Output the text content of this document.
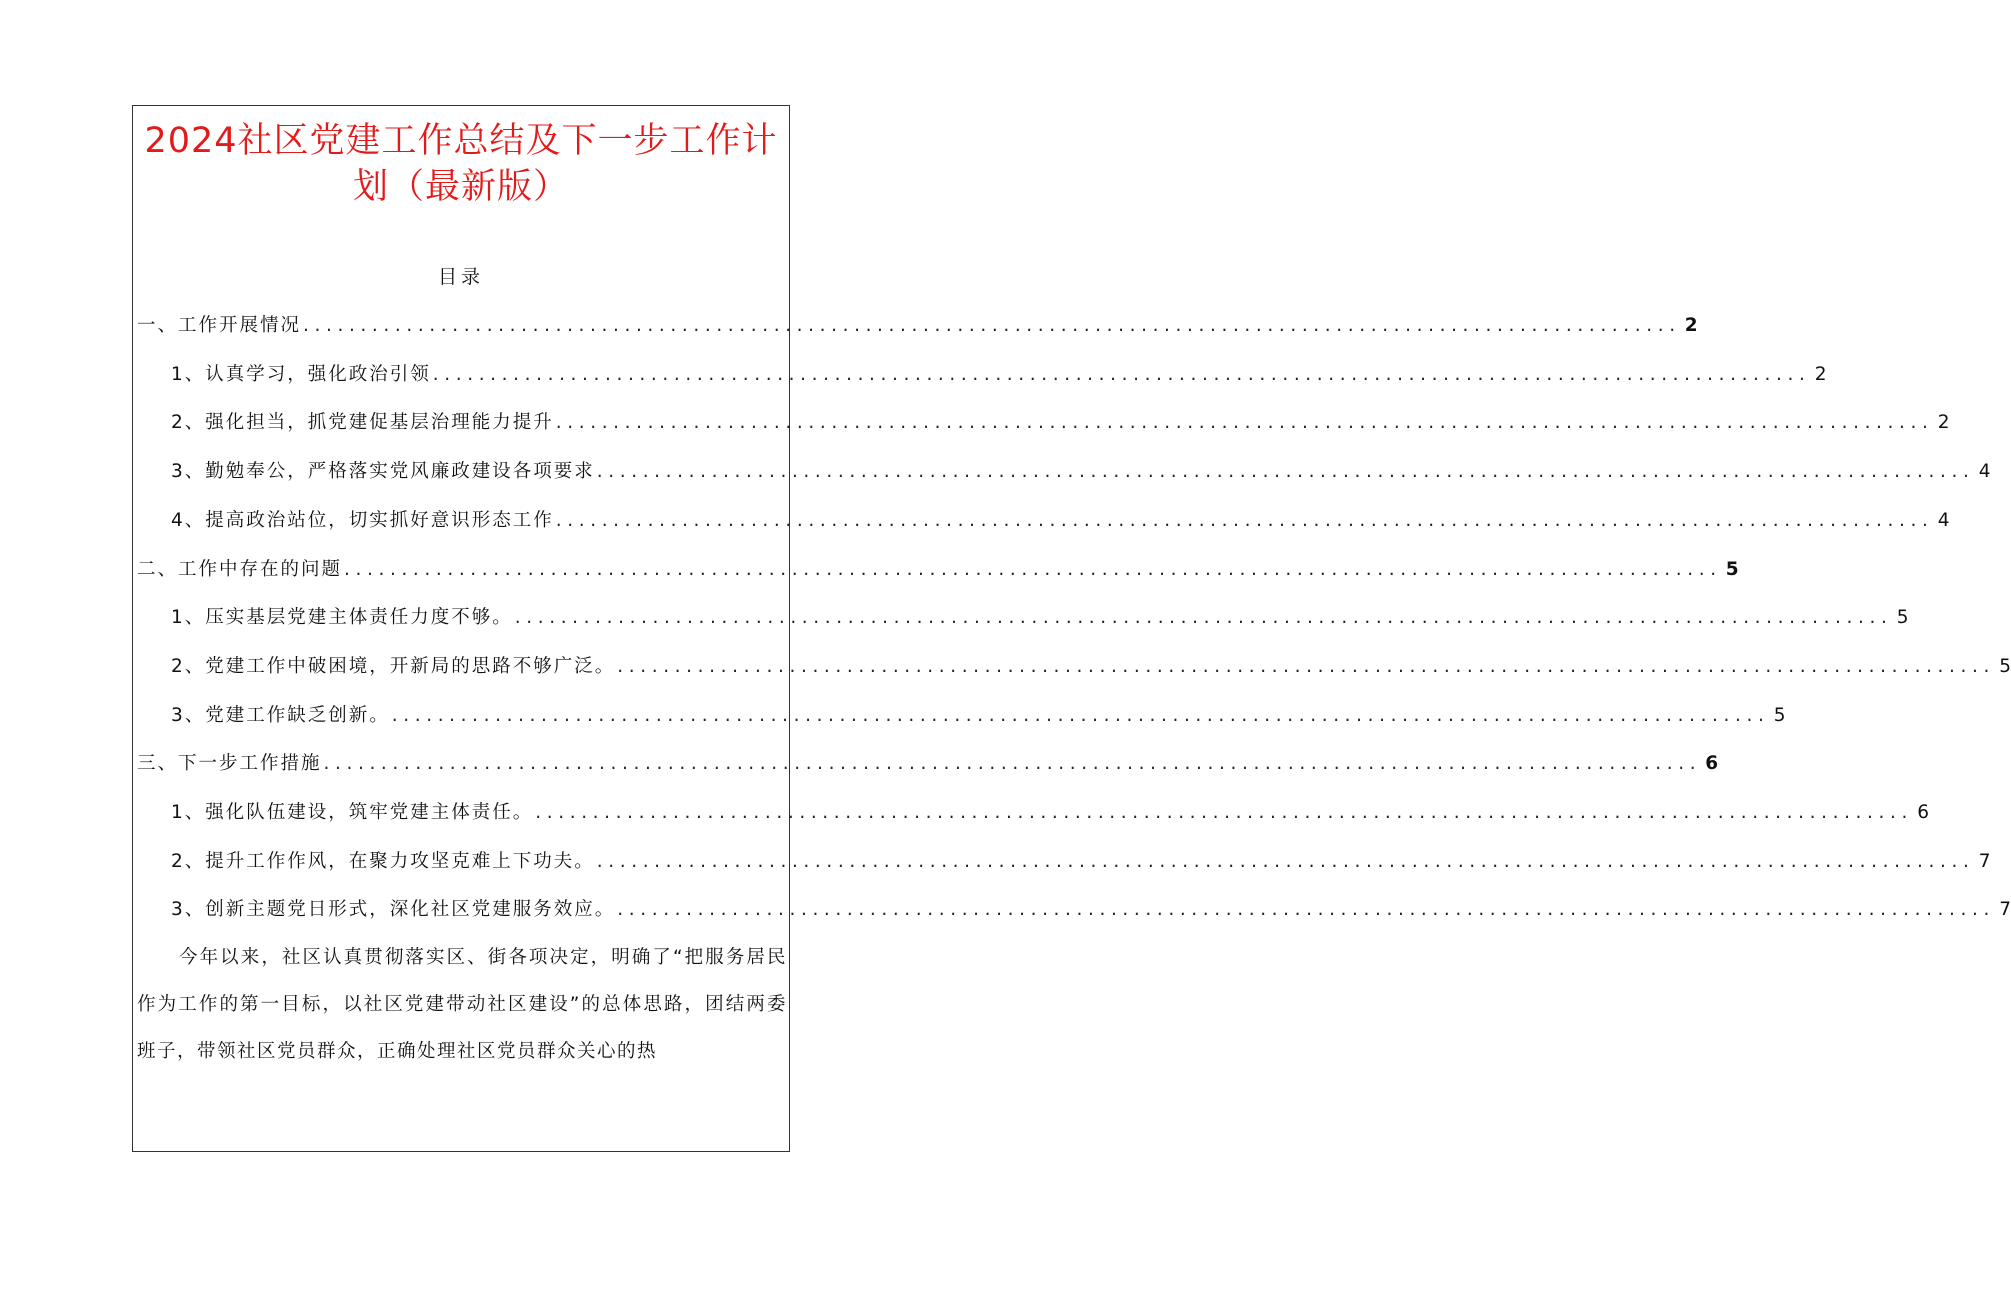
2024社区党建工作总结及下一步工作计
划（最新版）
目录
一、工作开展情况 ........................................................................................................................ 2
1、认真学习，强化政治引领 ........................................................................................................................ 2
2、强化担当，抓党建促基层治理能力提升 ........................................................................................................................ 2
3、勤勉奉公，严格落实党风廉政建设各项要求 ........................................................................................................................ 4
4、提高政治站位，切实抓好意识形态工作 ........................................................................................................................ 4
二、工作中存在的问题 ........................................................................................................................ 5
1、压实基层党建主体责任力度不够。 ........................................................................................................................ 5
2、党建工作中破困境，开新局的思路不够广泛。 ........................................................................................................................ 5
3、党建工作缺乏创新。 ........................................................................................................................ 5
三、下一步工作措施 ........................................................................................................................ 6
1、强化队伍建设，筑牢党建主体责任。 ........................................................................................................................ 6
2、提升工作作风，在聚力攻坚克难上下功夫。 ........................................................................................................................ 7
3、创新主题党日形式，深化社区党建服务效应。 ........................................................................................................................ 7
今年以来，社区认真贯彻落实区、街各项决定，明确了“把服务居民作为工作的第一目标，以社区党建带动社区建设”的总体思路，团结两委班子，带领社区党员群众，正确处理社区党员群众关心的热
